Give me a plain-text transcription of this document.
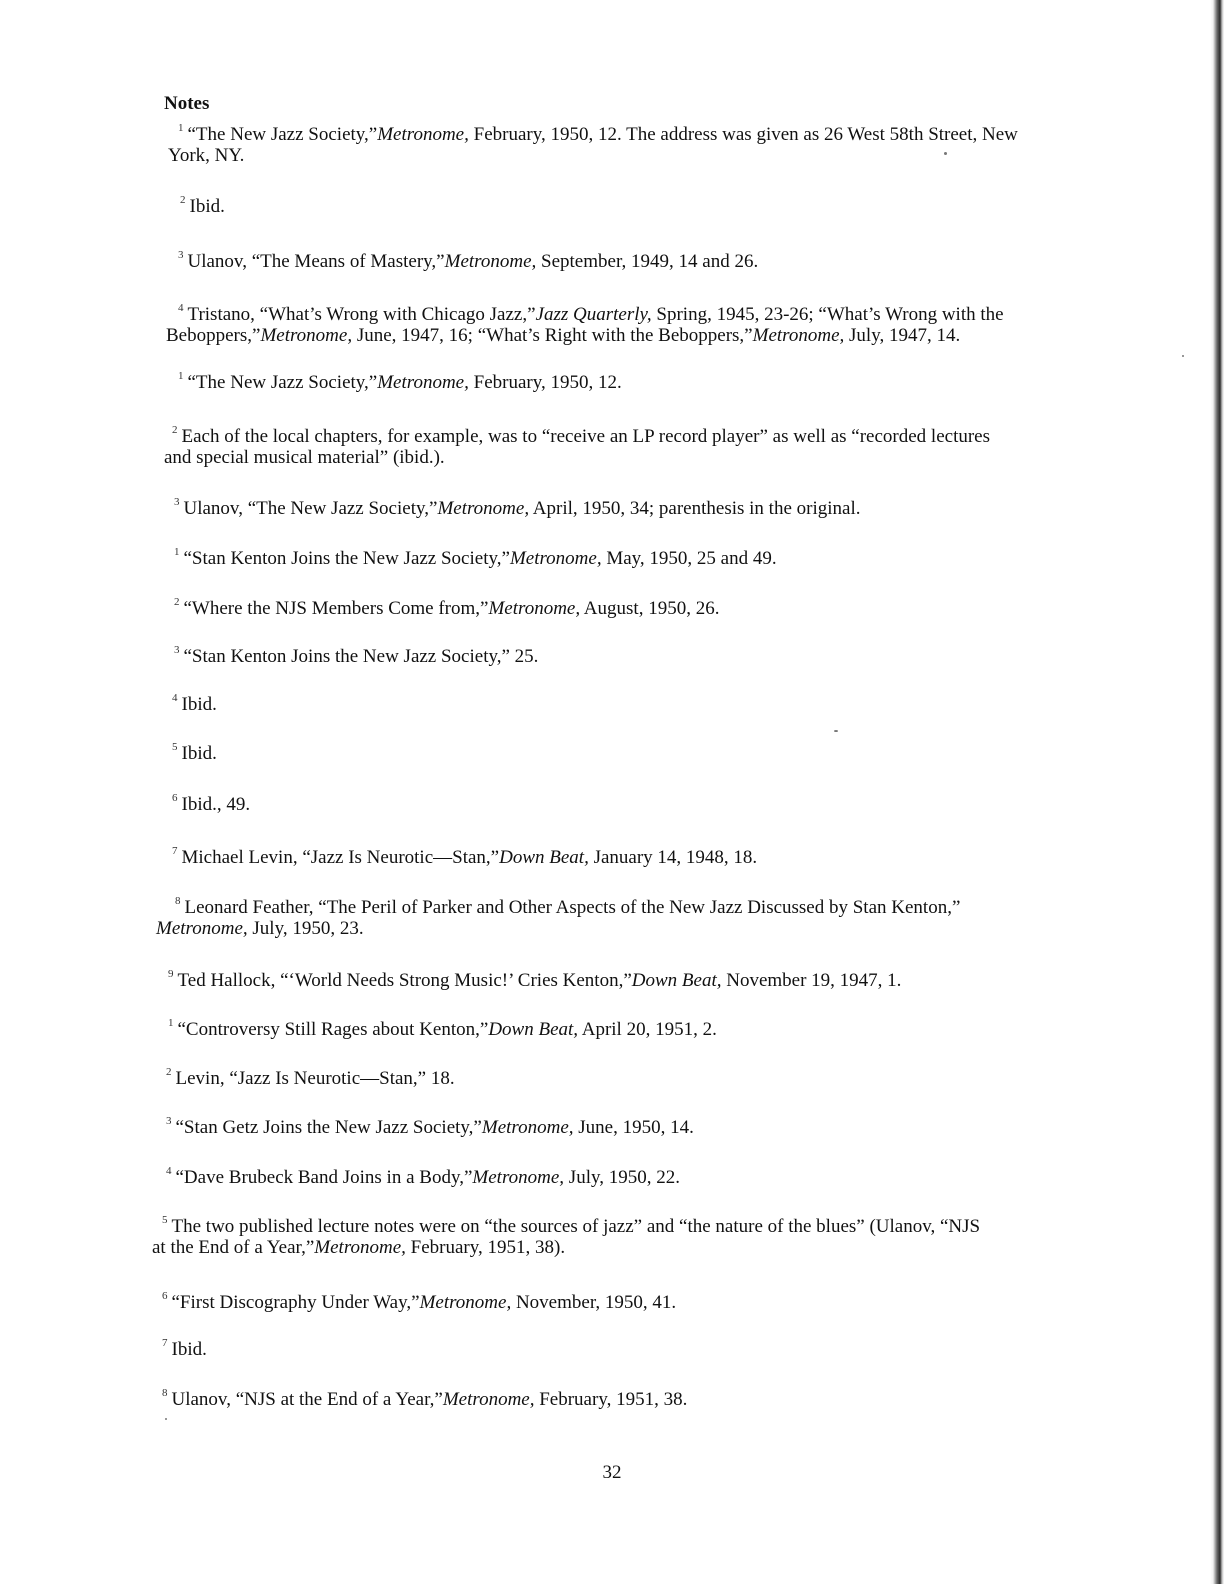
Notes
$^1$ “The New Jazz Society,”Metronome, February, 1950, 12. The address was given as 26 West 58th Street, New
York, NY.
$^2$ Ibid.
$^3$ Ulanov, “The Means of Mastery,”Metronome, September, 1949, 14 and 26.
$^4$ Tristano, “What’s Wrong with Chicago Jazz,”Jazz Quarterly, Spring, 1945, 23-26; “What’s Wrong with the
Beboppers,”Metronome, June, 1947, 16; “What’s Right with the Beboppers,”Metronome, July, 1947, 14.
$^1$ “The New Jazz Society,”Metronome, February, 1950, 12.
$^2$ Each of the local chapters, for example, was to “receive an LP record player” as well as “recorded lectures
and special musical material” (ibid.).
$^3$ Ulanov, “The New Jazz Society,”Metronome, April, 1950, 34; parenthesis in the original.
$^1$ “Stan Kenton Joins the New Jazz Society,”Metronome, May, 1950, 25 and 49.
$^2$ “Where the NJS Members Come from,”Metronome, August, 1950, 26.
$^3$ “Stan Kenton Joins the New Jazz Society,” 25.
$^4$ Ibid.
$^5$ Ibid.
$^6$ Ibid., 49.
$^7$ Michael Levin, “Jazz Is Neurotic—Stan,”Down Beat, January 14, 1948, 18.
$^8$ Leonard Feather, “The Peril of Parker and Other Aspects of the New Jazz Discussed by Stan Kenton,”
Metronome, July, 1950, 23.
$^9$ Ted Hallock, “‘World Needs Strong Music!’ Cries Kenton,”Down Beat, November 19, 1947, 1.
$^1$ “Controversy Still Rages about Kenton,”Down Beat, April 20, 1951, 2.
$^2$ Levin, “Jazz Is Neurotic—Stan,” 18.
$^3$ “Stan Getz Joins the New Jazz Society,”Metronome, June, 1950, 14.
$^4$ “Dave Brubeck Band Joins in a Body,”Metronome, July, 1950, 22.
$^5$ The two published lecture notes were on “the sources of jazz” and “the nature of the blues” (Ulanov, “NJS
at the End of a Year,”Metronome, February, 1951, 38).
$^6$ “First Discography Under Way,”Metronome, November, 1950, 41.
$^7$ Ibid.
$^8$ Ulanov, “NJS at the End of a Year,”Metronome, February, 1951, 38.
32
